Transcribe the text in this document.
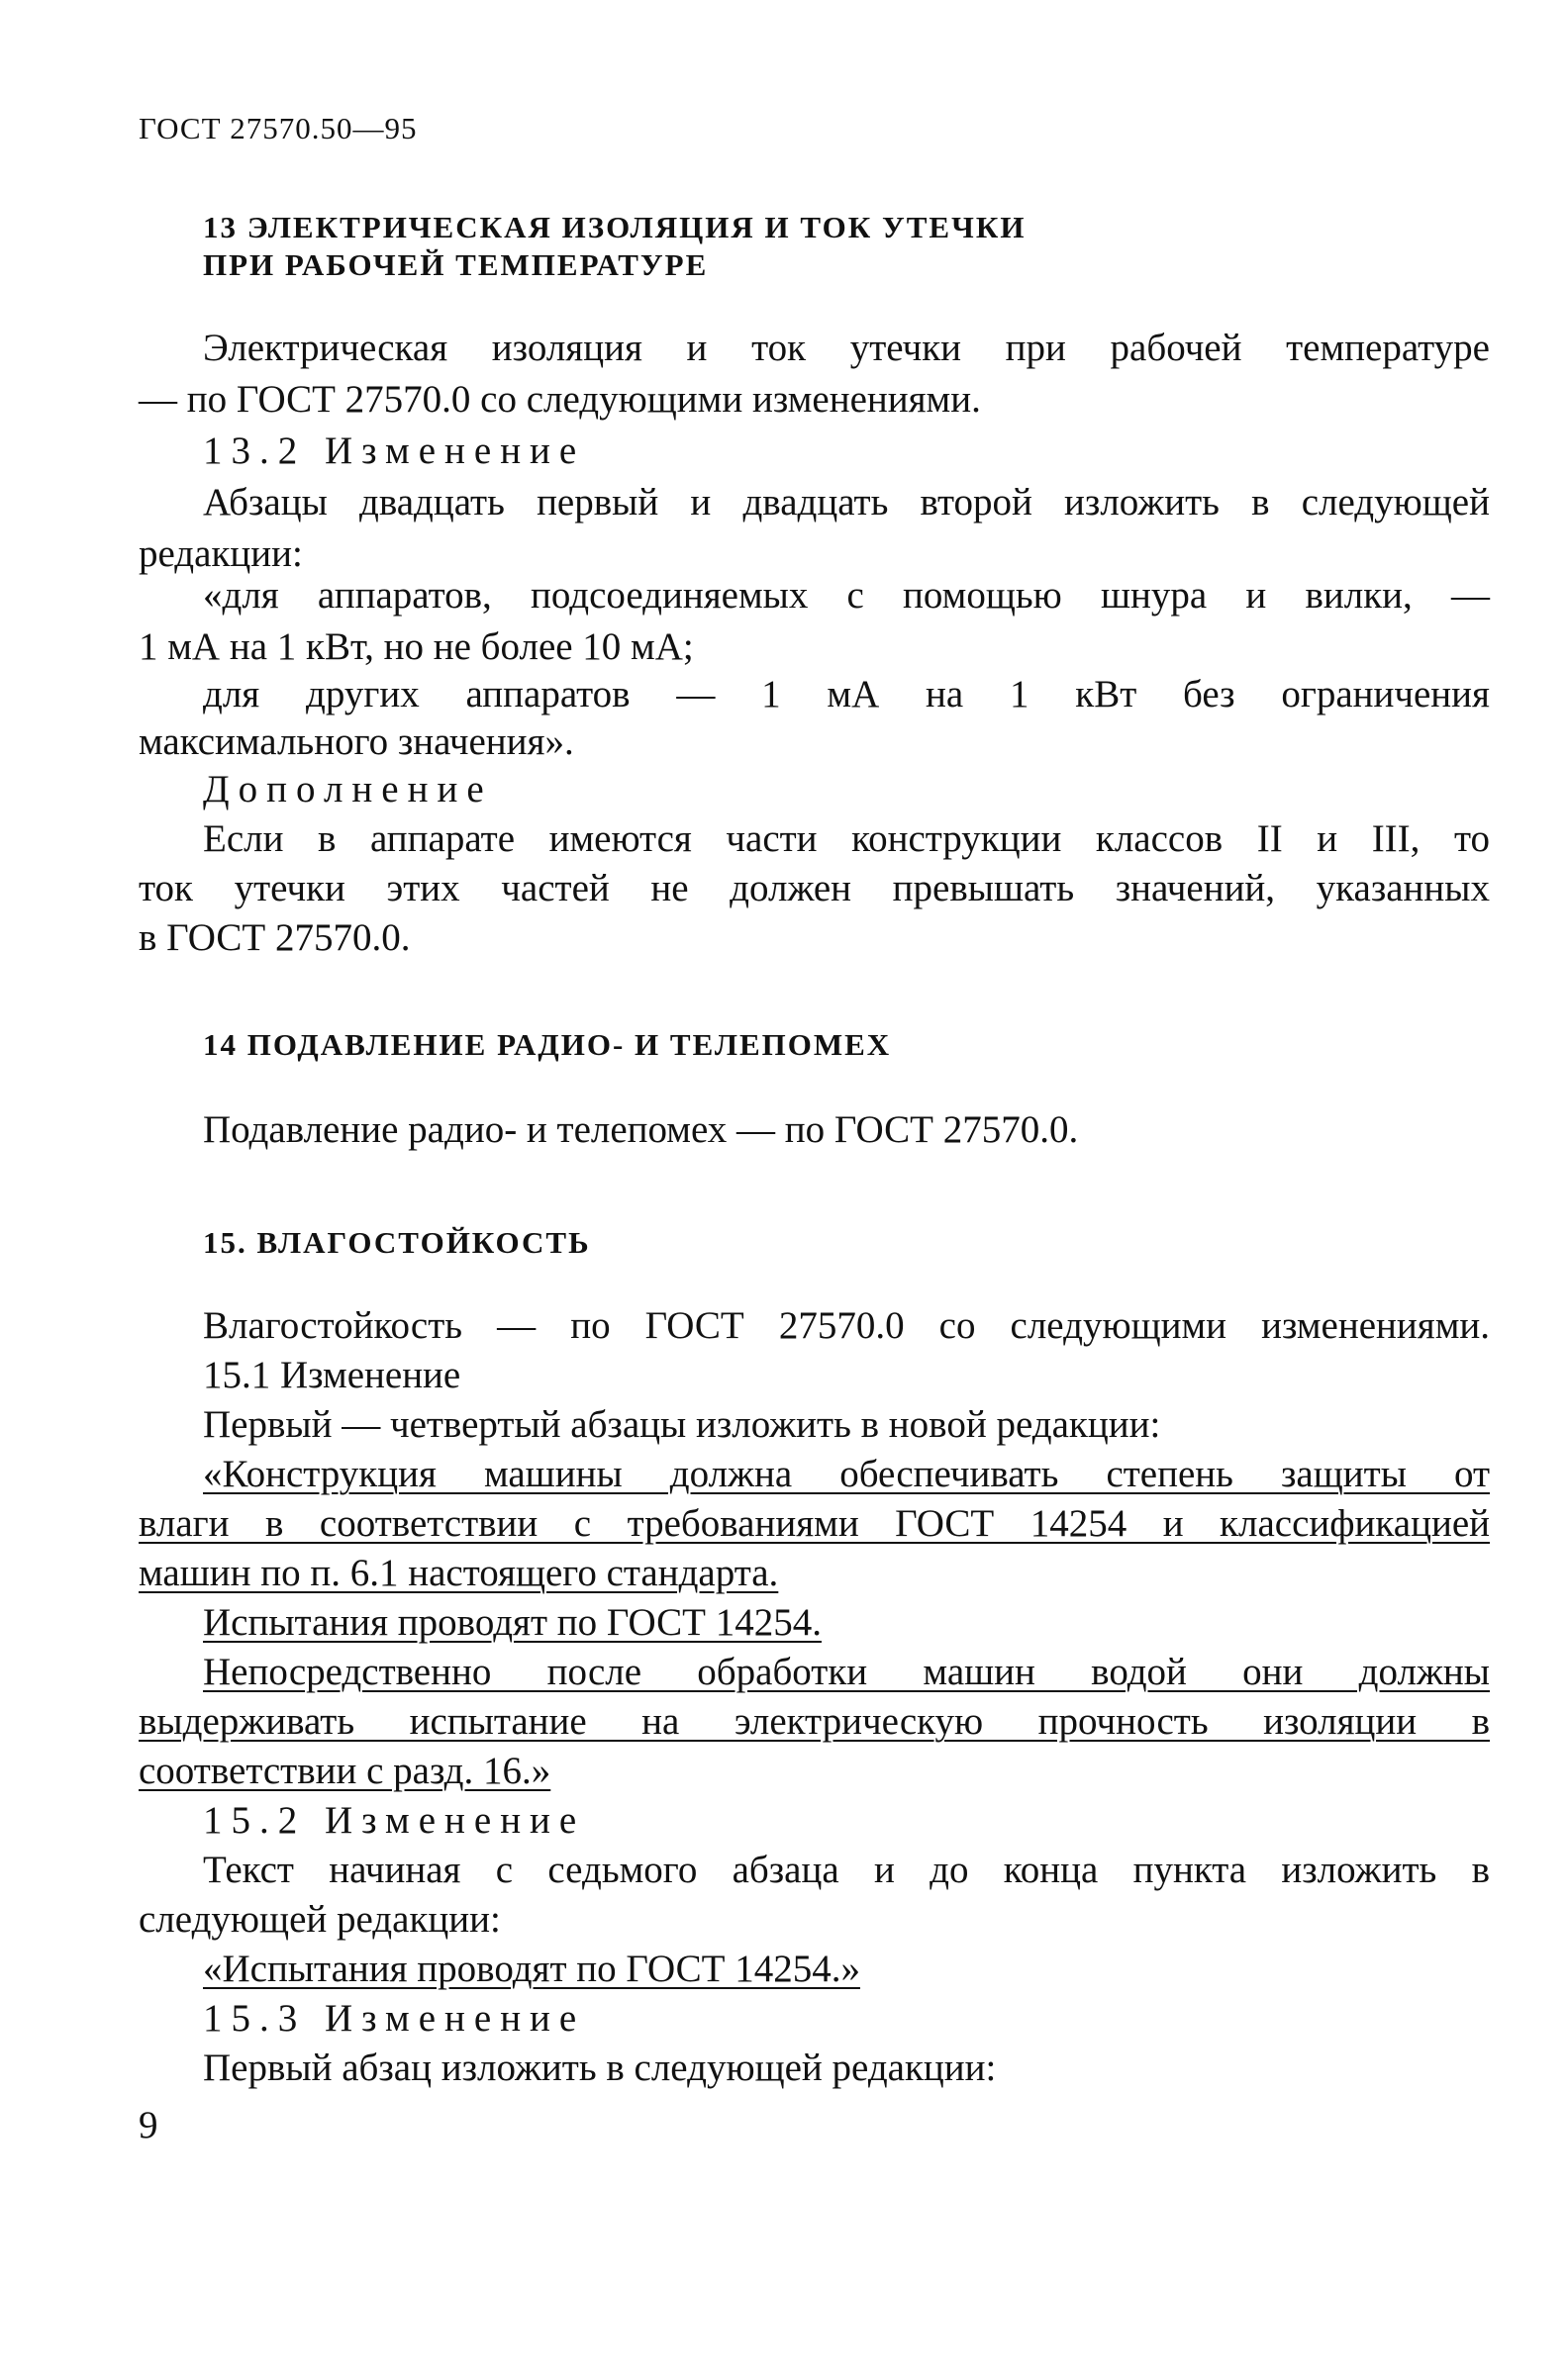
ГОСТ 27570.50—95
13 ЭЛЕКТРИЧЕСКАЯ ИЗОЛЯЦИЯ И ТОК УТЕЧКИ
ПРИ РАБОЧЕЙ ТЕМПЕРАТУРЕ
Электрическая изоляция и ток утечки при рабочей температуре
— по ГОСТ 27570.0 со следующими изменениями.
13.2 Изменение
Абзацы двадцать первый и двадцать второй изложить в следующей
редакции:
«для аппаратов, подсоединяемых с помощью шнура и вилки, —
1 мА на 1 кВт, но не более 10 мА;
для других аппаратов — 1 мА на 1 кВт без ограничения
максимального значения».
Дополнение
Если в аппарате имеются части конструкции классов II и III, то
ток утечки этих частей не должен превышать значений, указанных
в ГОСТ 27570.0.
14 ПОДАВЛЕНИЕ РАДИО- И ТЕЛЕПОМЕХ
Подавление радио- и телепомех — по ГОСТ 27570.0.
15. ВЛАГОСТОЙКОСТЬ
Влагостойкость — по ГОСТ 27570.0 со следующими изменениями.
15.1 Изменение
Первый — четвертый абзацы изложить в новой редакции:
«Конструкция машины должна обеспечивать степень защиты от
влаги в соответствии с требованиями ГОСТ 14254 и классификацией
машин по п. 6.1 настоящего стандарта.
Испытания проводят по ГОСТ 14254.
Непосредственно после обработки машин водой они должны
выдерживать испытание на электрическую прочность изоляции в
соответствии с разд. 16.»
15.2 Изменение
Текст начиная с седьмого абзаца и до конца пункта изложить в
следующей редакции:
«Испытания проводят по ГОСТ 14254.»
15.3 Изменение
Первый абзац изложить в следующей редакции:
9
